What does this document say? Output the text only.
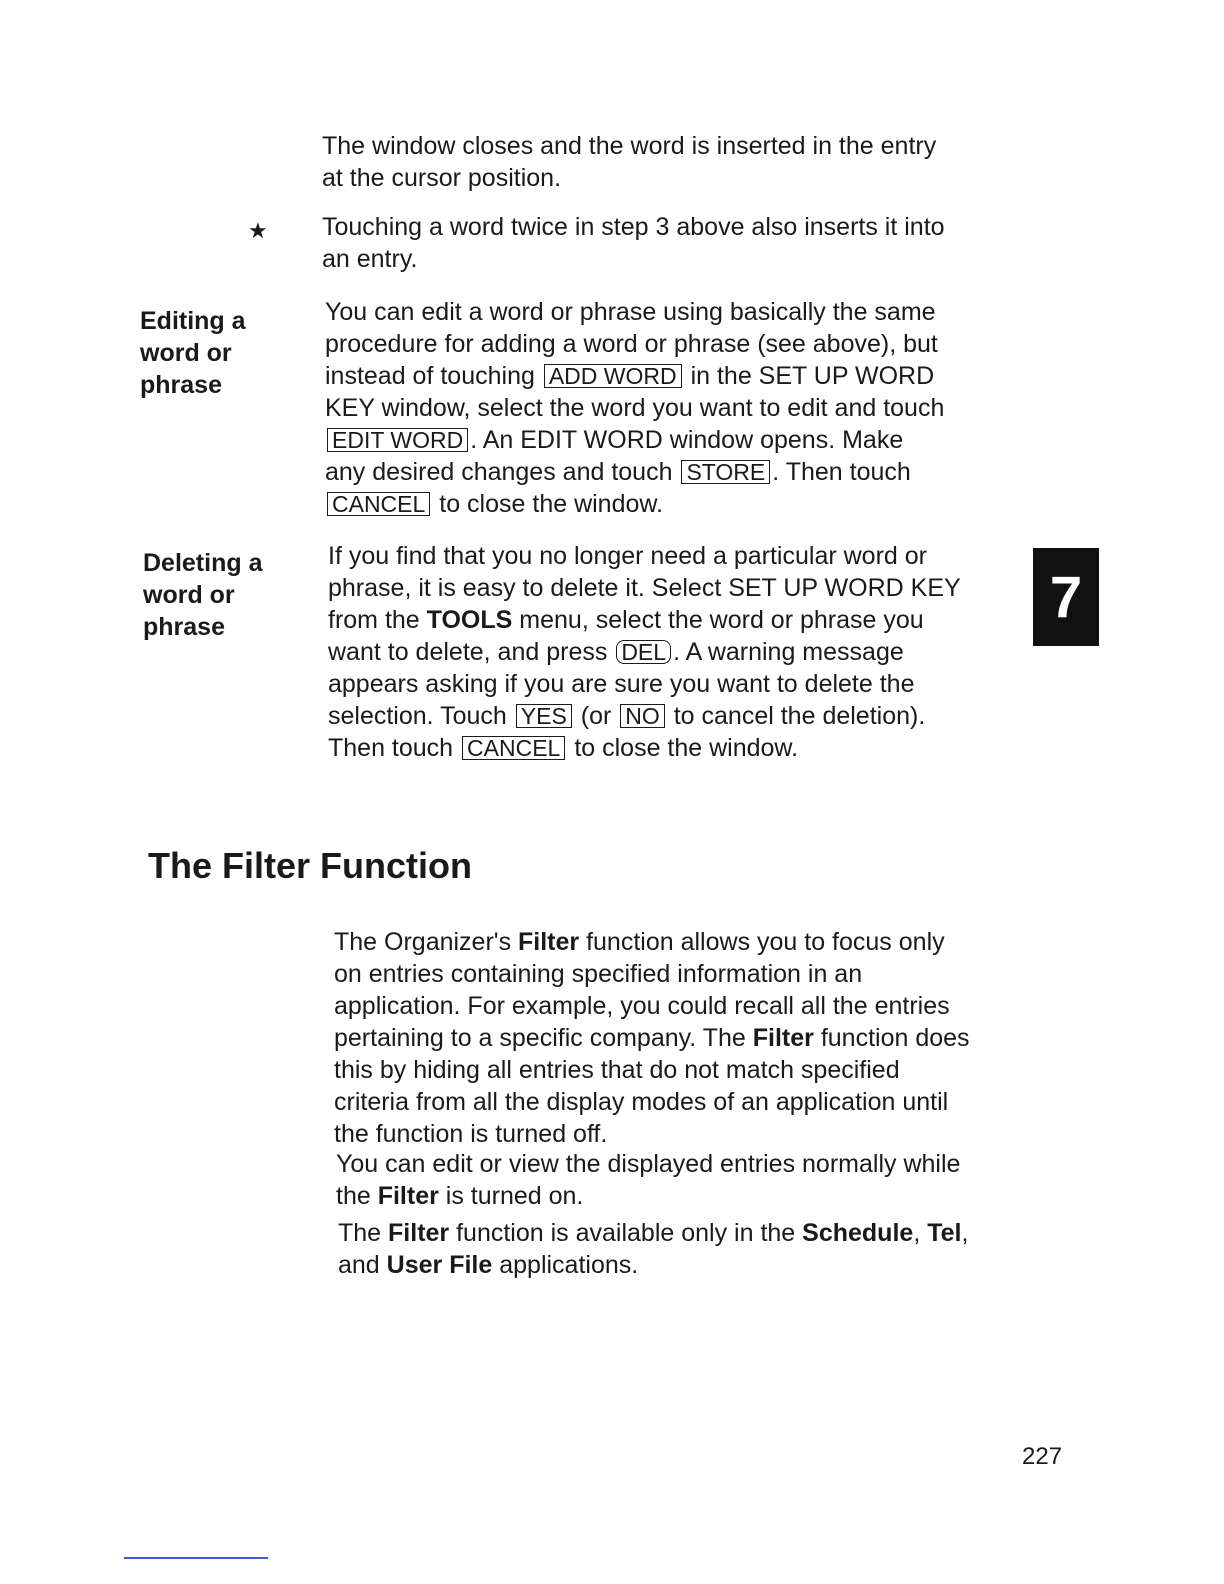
The window closes and the word is inserted in the entry
at the cursor position.
★ Touching a word twice in step 3 above also inserts it into
an entry.
Editing a
word or
phrase
You can edit a word or phrase using basically the same
procedure for adding a word or phrase (see above), but
instead of touching ADD WORD in the SET UP WORD
KEY window, select the word you want to edit and touch
EDIT WORD . An EDIT WORD window opens. Make
any desired changes and touch STORE . Then touch
CANCEL to close the window.
Deleting a
word or
phrase
If you find that you no longer need a particular word or
phrase, it is easy to delete it. Select SET UP WORD KEY
from the TOOLS menu, select the word or phrase you
want to delete, and press DEL . A warning message
appears asking if you are sure you want to delete the
selection. Touch YES (or NO to cancel the deletion).
Then touch CANCEL to close the window.
7
The Filter Function
The Organizer's Filter function allows you to focus only
on entries containing specified information in an
application. For example, you could recall all the entries
pertaining to a specific company. The Filter function does
this by hiding all entries that do not match specified
criteria from all the display modes of an application until
the function is turned off.
You can edit or view the displayed entries normally while
the Filter is turned on.
The Filter function is available only in the Schedule, Tel,
and User File applications.
227
